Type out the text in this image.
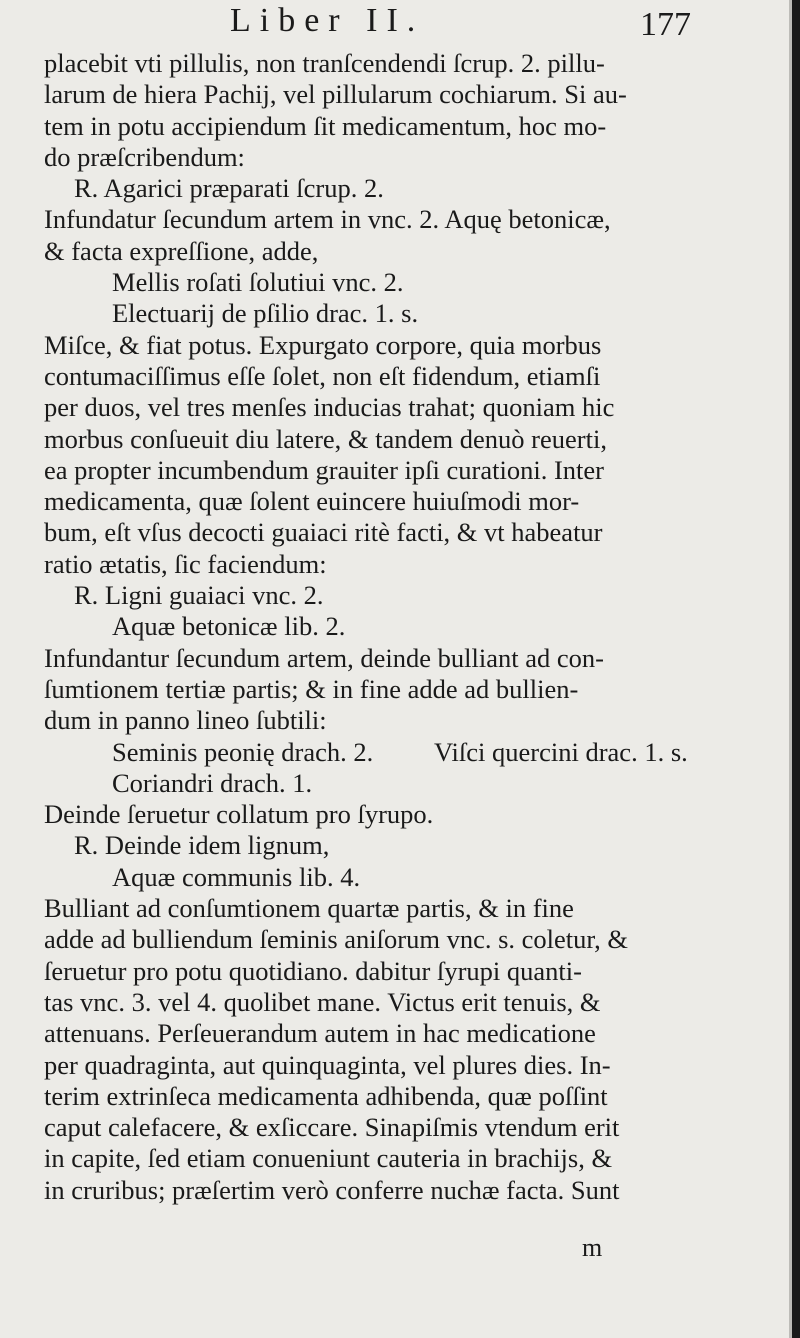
Liber II.	177
placebit vti pillulis, non tranſcendendi ſcrup. 2. pillu-
larum de hiera Pachij, vel pillularum cochiarum. Si au-
tem in potu accipiendum ſit medicamentum, hoc mo-
do præſcribendum:
R. Agarici præparati ſcrup. 2.
Infundatur ſecundum artem in vnc. 2. Aquę betonicæ,
& facta expreſſione, adde,
Mellis roſati ſolutiui vnc. 2.
Electuarij de pſilio drac. 1. s.
Miſce, & fiat potus. Expurgato corpore, quia morbus
contumaciſſimus eſſe ſolet, non eſt fidendum, etiamſi
per duos, vel tres menſes inducias trahat; quoniam hic
morbus conſueuit diu latere, & tandem denuò reuerti,
ea propter incumbendum grauiter ipſi curationi. Inter
medicamenta, quæ ſolent euincere huiuſmodi mor-
bum, eſt vſus decocti guaiaci ritè facti, & vt habeatur
ratio ætatis, ſic faciendum:
R. Ligni guaiaci vnc. 2.
Aquæ betonicæ lib. 2.
Infundantur ſecundum artem, deinde bulliant ad con-
ſumtionem tertiæ partis; & in fine adde ad bullien-
dum in panno lineo ſubtili:
Seminis peonię drach. 2.	Viſci quercini drac. 1. s.
Coriandri drach. 1.
Deinde ſeruetur collatum pro ſyrupo.
R. Deinde idem lignum,
Aquæ communis lib. 4.
Bulliant ad conſumtionem quartæ partis, & in fine
adde ad bulliendum ſeminis aniſorum vnc. s. coletur, &
ſeruetur pro potu quotidiano. dabitur ſyrupi quanti-
tas vnc. 3. vel 4. quolibet mane. Victus erit tenuis, &
attenuans. Perſeuerandum autem in hac medicatione
per quadraginta, aut quinquaginta, vel plures dies. In-
terim extrinſeca medicamenta adhibenda, quæ poſſint
caput calefacere, & exſiccare. Sinapiſmis vtendum erit
in capite, ſed etiam conueniunt cauteria in brachijs, &
in cruribus; præſertim verò conferre nuchæ facta. Sunt
m
